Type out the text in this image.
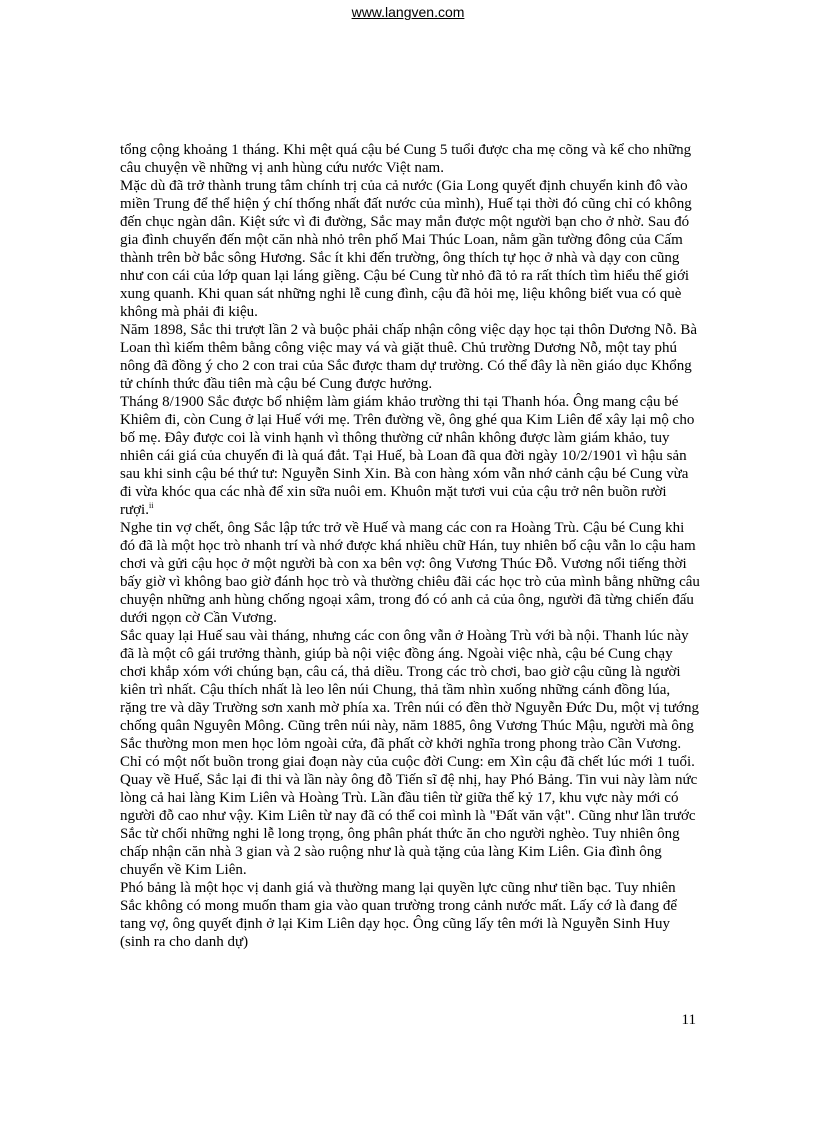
www.langven.com

tổng cộng khoảng 1 tháng. Khi mệt quá cậu bé Cung 5 tuổi được cha mẹ cõng và kể cho những câu chuyện về những vị anh hùng cứu nước Việt nam.

Mặc dù đã trở thành trung tâm chính trị của cả nước (Gia Long quyết định chuyển kinh đô vào miền Trung để thể hiện ý chí thống nhất đất nước của mình), Huế tại thời đó cũng chỉ có không đến chục ngàn dân. Kiệt sức vì đi đường, Sắc may mắn được một người bạn cho ở nhờ. Sau đó gia đình chuyển đến một căn nhà nhỏ trên phố Mai Thúc Loan, nằm gần tường đông của Cấm thành trên bờ bắc sông Hương. Sắc ít khi đến trường, ông thích tự học ở nhà và dạy con cũng như con cái của lớp quan lại láng giềng. Cậu bé Cung từ nhỏ đã tỏ ra rất thích tìm hiểu thế giới xung quanh. Khi quan sát những nghi lễ cung đình, cậu đã hỏi mẹ, liệu không biết vua có què không mà phải đi kiệu.

Năm 1898, Sắc thi trượt lần 2 và buộc phải chấp nhận công việc dạy học tại thôn Dương Nỗ. Bà Loan thì kiếm thêm bằng công việc may vá và giặt thuê. Chủ trường Dương Nỗ, một tay phú nông đã đồng ý cho 2 con trai của Sắc được tham dự trường. Có thể đây là nền giáo dục Khổng tử chính thức đầu tiên mà cậu bé Cung được hưởng.

Tháng 8/1900 Sắc được bổ nhiệm làm giám khảo trường thi tại Thanh hóa. Ông mang cậu bé Khiêm đi, còn Cung ở lại Huế với mẹ. Trên đường về, ông ghé qua Kim Liên để xây lại mộ cho bố mẹ. Đây được coi là vinh hạnh vì thông thường cử nhân không được làm giám khảo, tuy nhiên cái giá của chuyến đi là quá đắt. Tại Huế, bà Loan đã qua đời ngày 10/2/1901 vì hậu sản sau khi sinh cậu bé thứ tư: Nguyễn Sinh Xin. Bà con hàng xóm vẫn nhớ cảnh cậu bé Cung vừa đi vừa khóc qua các nhà để xin sữa nuôi em. Khuôn mặt tươi vui của cậu trở nên buồn rười rượi.$^{ii}$

Nghe tin vợ chết, ông Sắc lập tức trở về Huế và mang các con ra Hoàng Trù. Cậu bé Cung khi đó đã là một học trò nhanh trí và nhớ được khá nhiều chữ Hán, tuy nhiên bố cậu vẫn lo cậu ham chơi và gửi cậu học ở một người bà con xa bên vợ: ông Vương Thúc Đỗ. Vương nổi tiếng thời bấy giờ vì không bao giờ đánh học trò và thường chiêu đãi các học trò của mình bằng những câu chuyện những anh hùng chống ngoại xâm, trong đó có anh cả của ông, người đã từng chiến đấu dưới ngọn cờ Cần Vương.

Sắc quay lại Huế sau vài tháng, nhưng các con ông vẫn ở Hoàng Trù với bà nội. Thanh lúc này đã là một cô gái trưởng thành, giúp bà nội việc đồng áng. Ngoài việc nhà, cậu bé Cung chạy chơi khắp xóm với chúng bạn, câu cá, thả diều. Trong các trò chơi, bao giờ cậu cũng là người kiên trì nhất. Cậu thích nhất là leo lên núi Chung, thả tầm nhìn xuống những cánh đồng lúa, rặng tre và dãy Trường sơn xanh mờ phía xa. Trên núi có đền thờ Nguyễn Đức Du, một vị tướng chống quân Nguyên Mông. Cũng trên núi này, năm 1885, ông Vương Thúc Mậu, người mà ông Sắc thường mon men học lỏm ngoài cửa, đã phất cờ khởi nghĩa trong phong trào Cần Vương. Chỉ có một nốt buồn trong giai đoạn này của cuộc đời Cung: em Xìn cậu đã chết lúc mới 1 tuổi.

Quay về Huế, Sắc lại đi thi và lần này ông đỗ Tiến sĩ đệ nhị, hay Phó Bảng. Tin vui này làm nức lòng cả hai làng Kim Liên và Hoàng Trù. Lần đầu tiên từ giữa thế kỷ 17, khu vực này mới có người đỗ cao như vậy. Kim Liên từ nay đã có thể coi mình là "Đất văn vật". Cũng như lần trước Sắc từ chối những nghi lễ long trọng, ông phân phát thức ăn cho người nghèo. Tuy nhiên ông chấp nhận căn nhà 3 gian và 2 sào ruộng như là quà tặng của làng Kim Liên. Gia đình ông chuyển về Kim Liên.

Phó bảng là một học vị danh giá và thường mang lại quyền lực cũng như tiền bạc. Tuy nhiên Sắc không có mong muốn tham gia vào quan trường trong cảnh nước mất. Lấy cớ là đang để tang vợ, ông quyết định ở lại Kim Liên dạy học. Ông cũng lấy tên mới là Nguyễn Sinh Huy (sinh ra cho danh dự)

11
